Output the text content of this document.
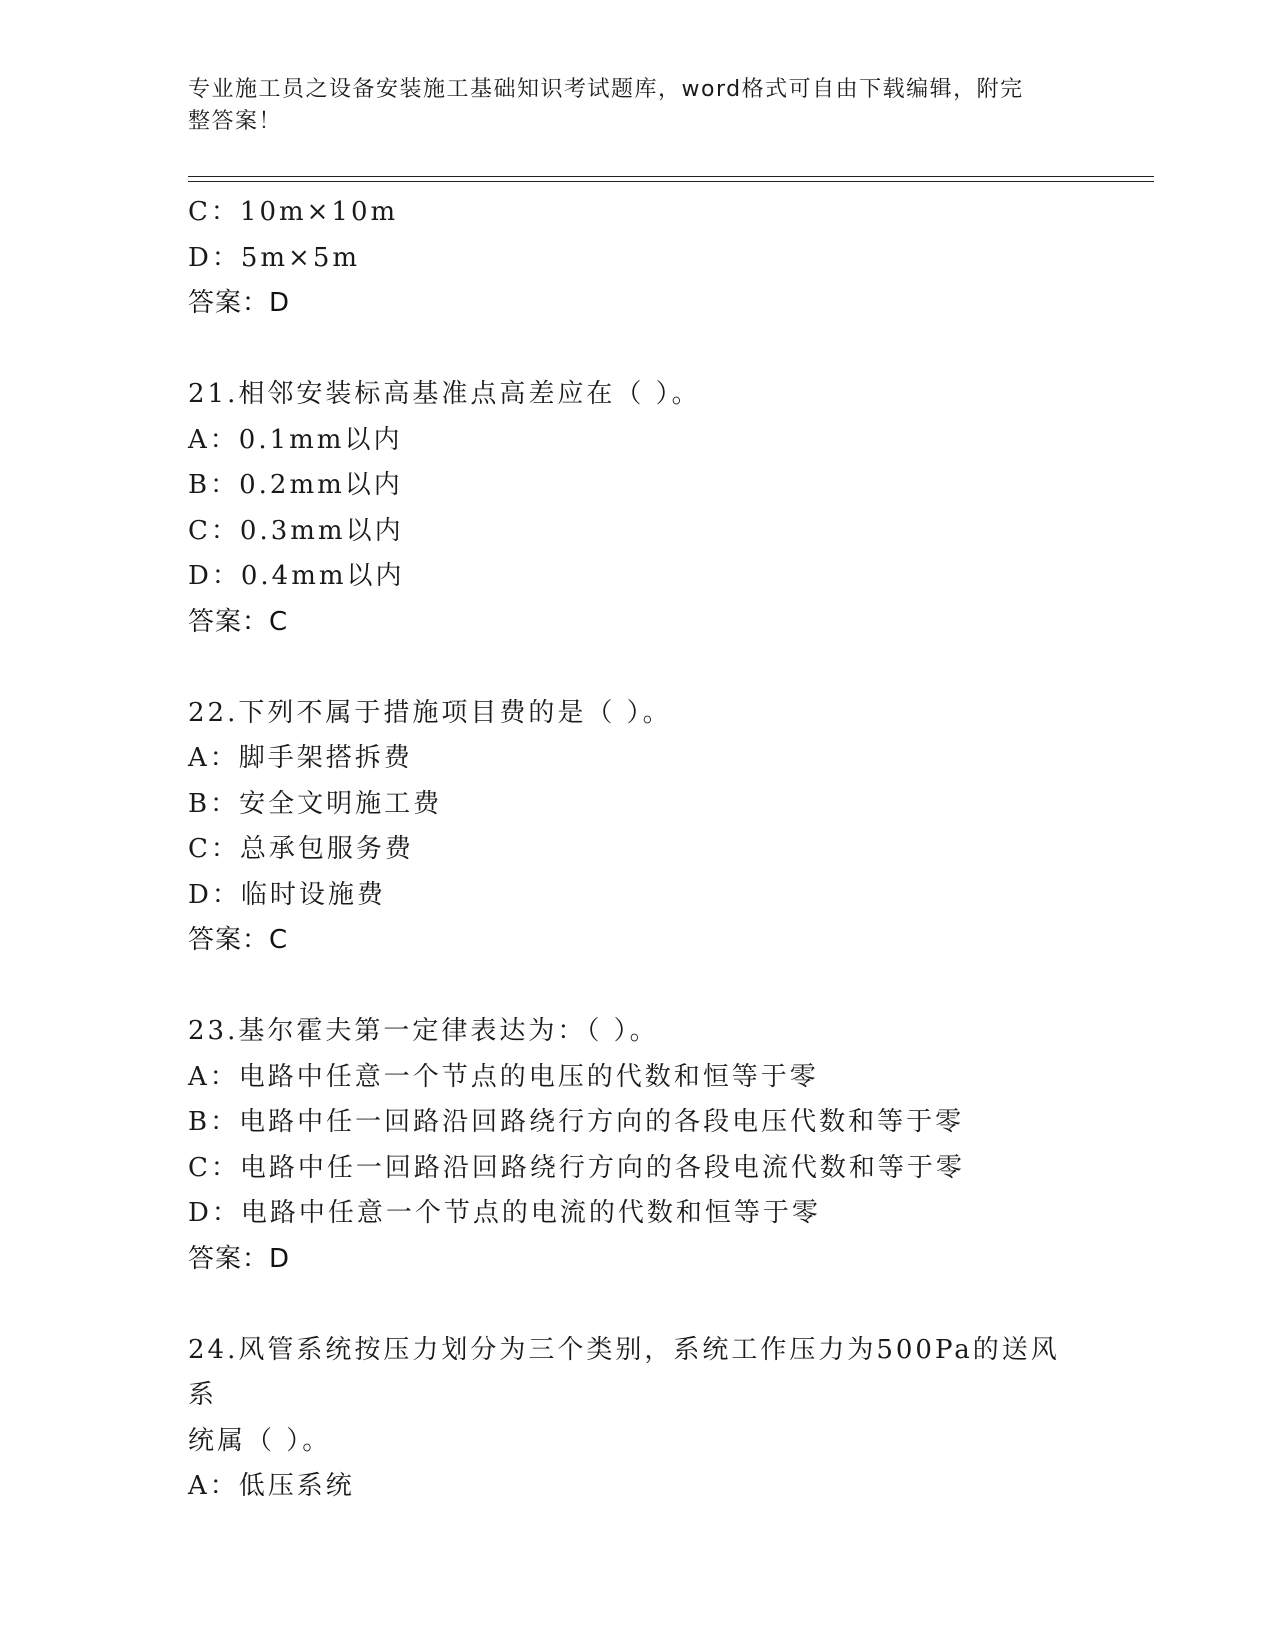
专业施工员之设备安装施工基础知识考试题库，word格式可自由下载编辑，附完
整答案！
C：10m×10m
D：5m×5m
答案：D
21.相邻安装标高基准点高差应在（ ）。
A：0.1mm以内
B：0.2mm以内
C：0.3mm以内
D：0.4mm以内
答案：C
22.下列不属于措施项目费的是（ ）。
A：脚手架搭拆费
B：安全文明施工费
C：总承包服务费
D：临时设施费
答案：C
23.基尔霍夫第一定律表达为：（ ）。
A：电路中任意一个节点的电压的代数和恒等于零
B：电路中任一回路沿回路绕行方向的各段电压代数和等于零
C：电路中任一回路沿回路绕行方向的各段电流代数和等于零
D：电路中任意一个节点的电流的代数和恒等于零
答案：D
24.风管系统按压力划分为三个类别，系统工作压力为500Pa的送风系
统属（ ）。
A：低压系统
